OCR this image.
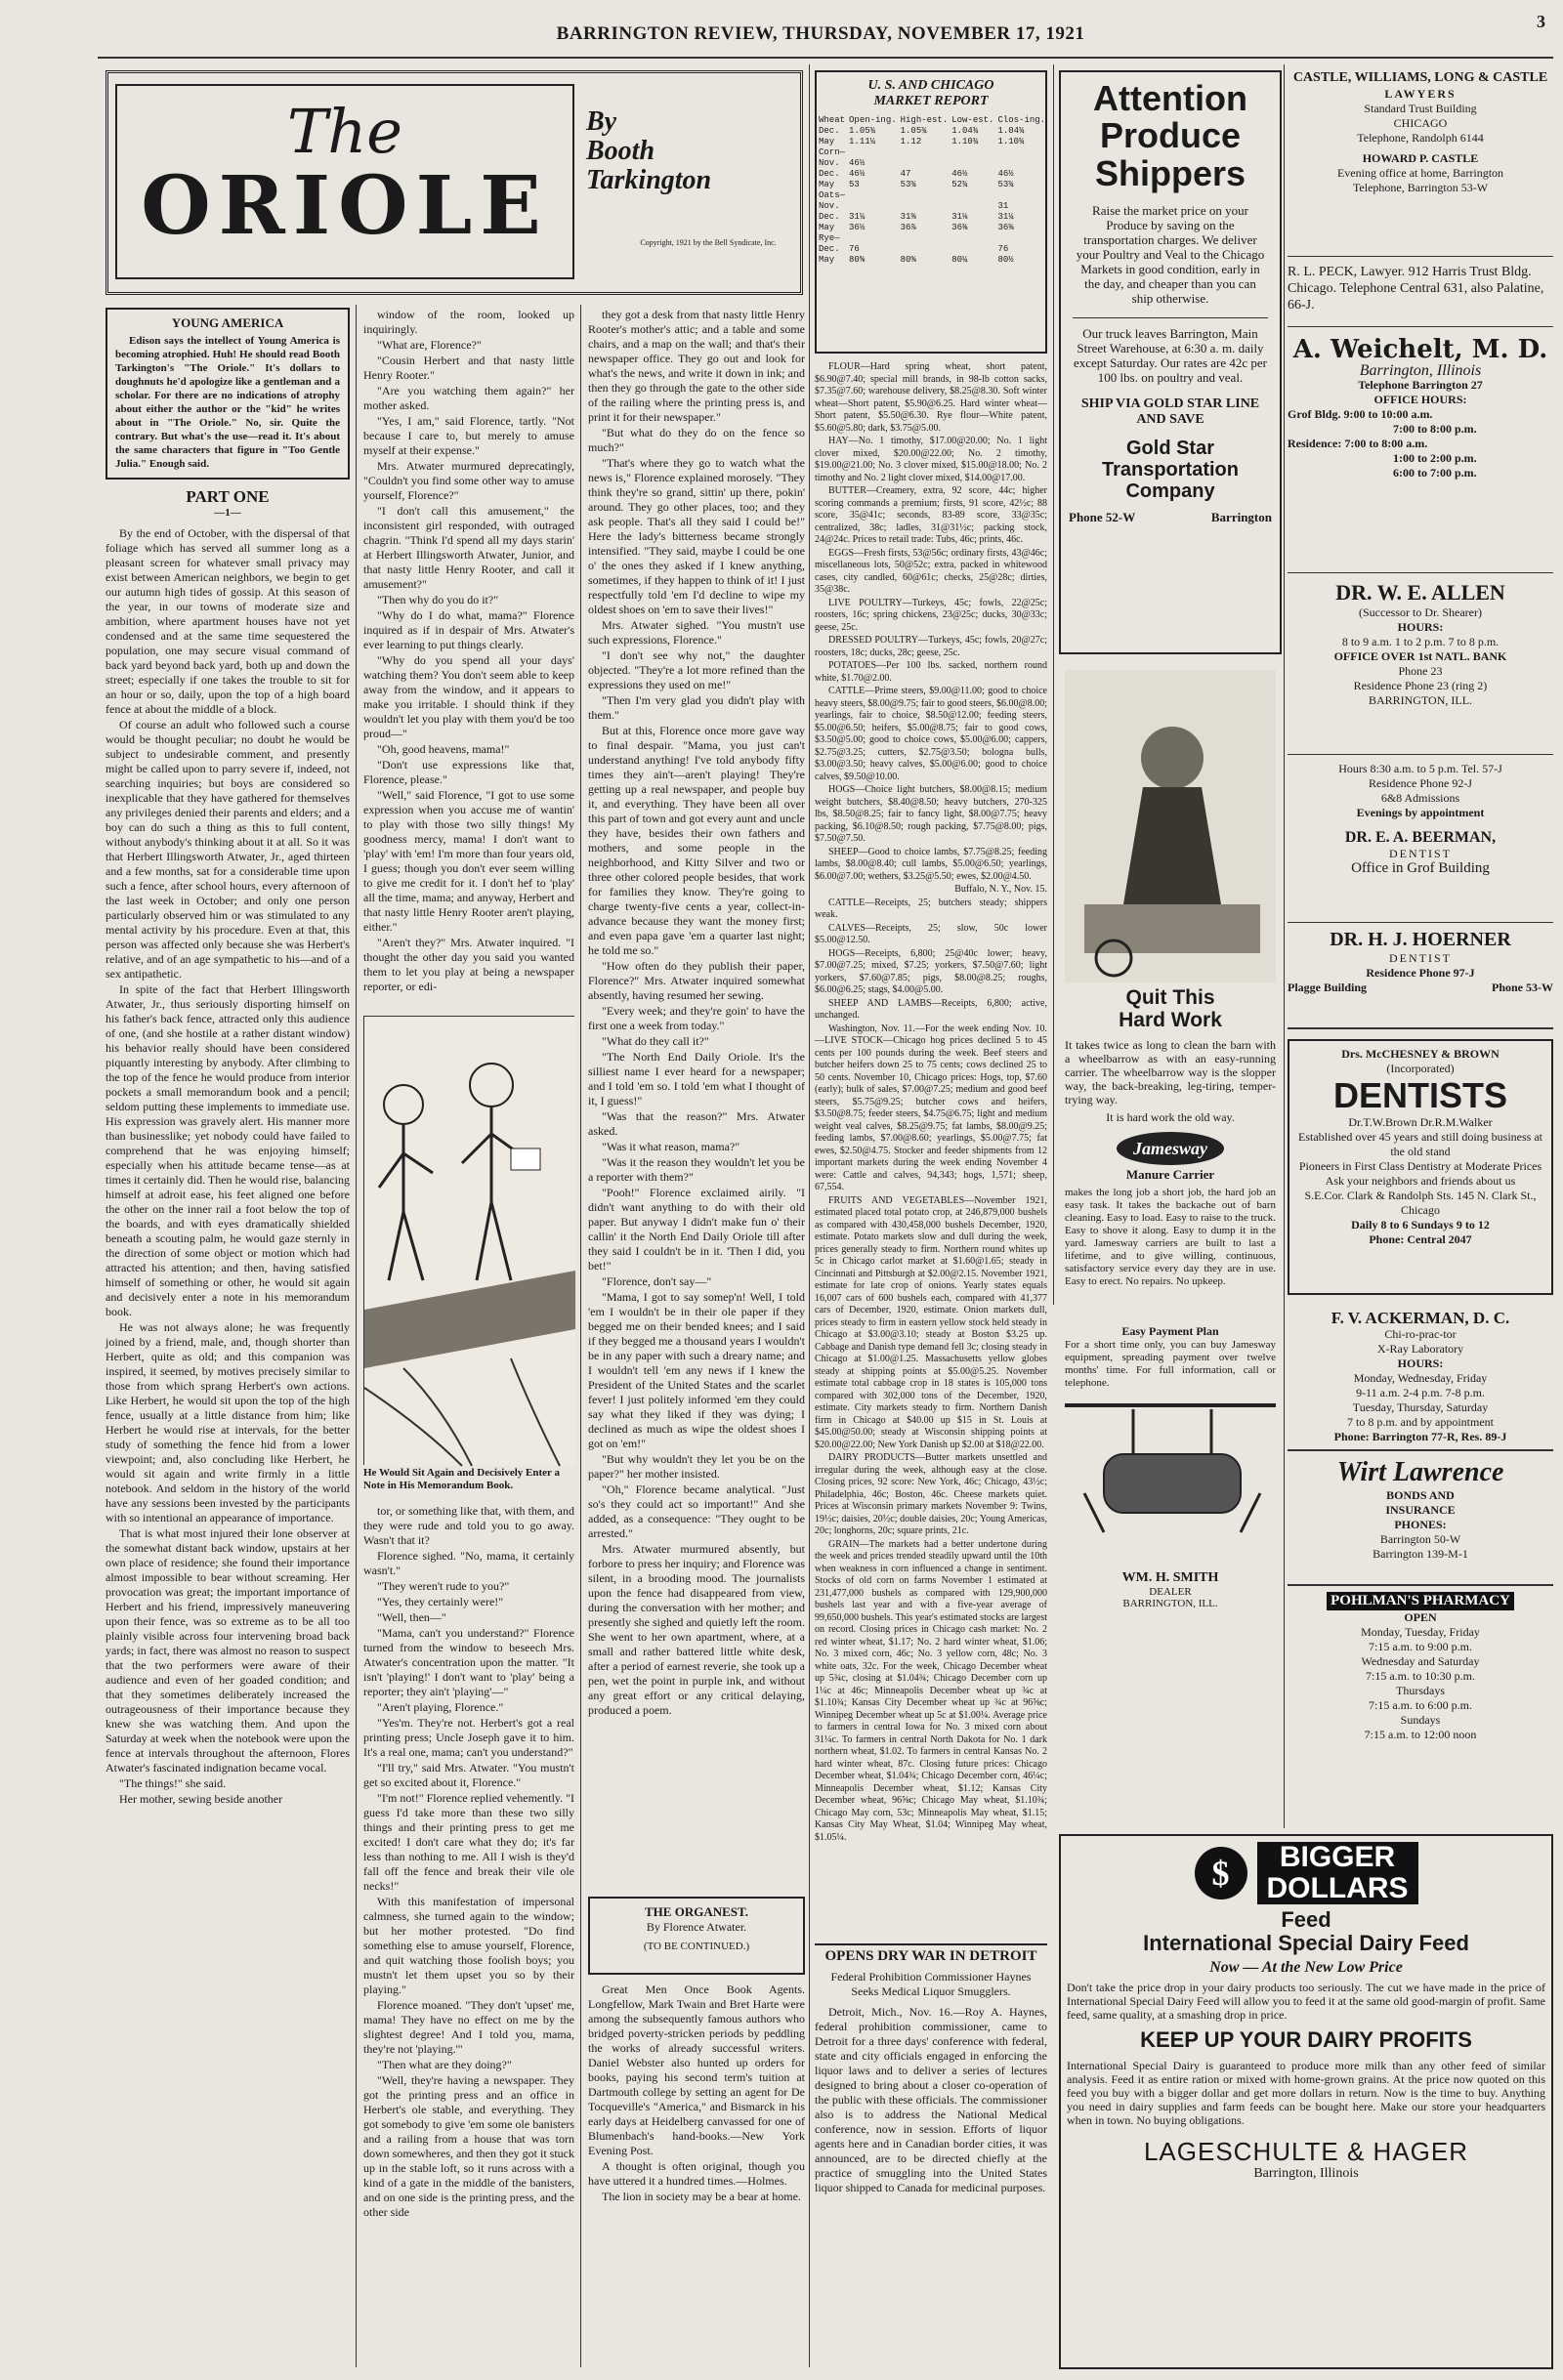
BARRINGTON REVIEW, THURSDAY, NOVEMBER 17, 1921
3
The
ORIOLE
By
Booth
Tarkington
Copyright, 1921 by the Bell Syndicate, Inc.
YOUNG AMERICA

Edison says the intellect of Young America is becoming atrophied. Huh! He should read Booth Tarkington's "The Oriole." It's dollars to doughnuts he'd apologize like a gentleman and a scholar. For there are no indications of atrophy about either the author or the "kid" he writes about in "The Oriole." No, sir. Quite the contrary. But what's the use—read it. It's about the same characters that figure in "Too Gentle Julia." Enough said.

PART ONE
—1—

By the end of October, with the dispersal of that foliage which has served all summer long as a pleasant screen for whatever small privacy may exist between American neighbors, we begin to get our autumn high tides of gossip. At this season of the year, in our towns of moderate size and ambition, where apartment houses have not yet condensed and at the same time sequestered the population, one may secure visual command of back yard beyond back yard, both up and down the street; especially if one takes the trouble to sit for an hour or so, daily, upon the top of a high board fence at about the middle of a block.

Of course an adult who followed such a course would be thought peculiar; no doubt he would be subject to undesirable comment, and presently might be called upon to parry severe if, indeed, not searching inquiries; but boys are considered so inexplicable that they have gathered for themselves any privileges denied their parents and elders; and a boy can do such a thing as this to full content, without anybody's thinking about it at all. So it was that Herbert Illingsworth Atwater, Jr., aged thirteen and a few months, sat for a considerable time upon such a fence, after school hours, every afternoon of the last week in October; and only one person particularly observed him or was stimulated to any mental activity by his procedure. Even at that, this person was affected only because she was Herbert's relative, and of an age sympathetic to his—and of a sex antipathetic.

In spite of the fact that Herbert Illingsworth Atwater, Jr., thus seriously disporting himself on his father's back fence, attracted only this audience of one, (and she hostile at a rather distant window) his behavior really should have been considered piquantly interesting by anybody. After climbing to the top of the fence he would produce from interior pockets a small memorandum book and a pencil; seldom putting these implements to immediate use. His expression was gravely alert. His manner more than businesslike; yet nobody could have failed to comprehend that he was enjoying himself; especially when his attitude became tense—as at times it certainly did. Then he would rise, balancing himself at adroit ease, his feet aligned one before the other on the inner rail a foot below the top of the boards, and with eyes dramatically shielded beneath a scouting palm, he would gaze sternly in the direction of some object or motion which had attracted his attention; and then, having satisfied himself of something or other, he would sit again and decisively enter a note in his memorandum book.

He was not always alone; he was frequently joined by a friend, male, and, though shorter than Herbert, quite as old; and this companion was inspired, it seemed, by motives precisely similar to those from which sprang Herbert's own actions. Like Herbert, he would sit upon the top of the high fence, usually at a little distance from him; like Herbert he would rise at intervals, for the better study of something the fence hid from a lower viewpoint; and, also concluding like Herbert, he would sit again and write firmly in a little notebook. And seldom in the history of the world have any sessions been invested by the participants with so intentional an appearance of importance.

That is what most injured their lone observer at the somewhat distant back window, upstairs at her own place of residence; she found their importance almost impossible to bear without screaming. Her provocation was great; the important importance of Herbert and his friend, impressively maneuvering upon their fence, was so extreme as to be all too plainly visible across four intervening broad back yards; in fact, there was almost no reason to suspect that the two performers were aware of their audience and even of her goaded condition; and that they sometimes deliberately increased the outrageousness of their importance because they knew she was watching them. And upon the Saturday at week when the notebook were upon the fence at intervals throughout the afternoon, Flores Atwater's fascinated indignation became vocal.

"The things!" she said.

Her mother, sewing beside another

window of the room, looked up inquiringly.

"What are, Florence?"

"Cousin Herbert and that nasty little Henry Rooter."

"Are you watching them again?" her mother asked.

"Yes, I am," said Florence, tartly. "Not because I care to, but merely to amuse myself at their expense."

Mrs. Atwater murmured deprecatingly, "Couldn't you find some other way to amuse yourself, Florence?"

"I don't call this amusement," the inconsistent girl responded, with outraged chagrin. "Think I'd spend all my days starin' at Herbert Illingsworth Atwater, Junior, and that nasty little Henry Rooter, and call it amusement?"

"Then why do you do it?"

"Why do I do what, mama?" Florence inquired as if in despair of Mrs. Atwater's ever learning to put things clearly.

"Why do you spend all your days' watching them? You don't seem able to keep away from the window, and it appears to make you irritable. I should think if they wouldn't let you play with them you'd be too proud—"

"Oh, good heavens, mama!"

"Don't use expressions like that, Florence, please."

"Well," said Florence, "I got to use some expression when you accuse me of wantin' to play with those two silly things! My goodness mercy, mama! I don't want to 'play' with 'em! I'm more than four years old, I guess; though you don't ever seem willing to give me credit for it. I don't hef to 'play' all the time, mama; and anyway, Herbert and that nasty little Henry Rooter aren't playing, either."

"Aren't they?" Mrs. Atwater inquired. "I thought the other day you said you wanted them to let you play at being a newspaper reporter, or edi-

He Would Sit Again and Decisively Enter a Note in His Memorandum Book.

tor, or something like that, with them, and they were rude and told you to go away. Wasn't that it?

Florence sighed. "No, mama, it certainly wasn't."

"They weren't rude to you?"

"Yes, they certainly were!"

"Well, then—"

"Mama, can't you understand?" Florence turned from the window to beseech Mrs. Atwater's concentration upon the matter. "It isn't 'playing!' I don't want to 'play' being a reporter; they ain't 'playing'—"

"Aren't playing, Florence."

"Yes'm. They're not. Herbert's got a real printing press; Uncle Joseph gave it to him. It's a real one, mama; can't you understand?"

"I'll try," said Mrs. Atwater. "You mustn't get so excited about it, Florence."

"I'm not!" Florence replied vehemently. "I guess I'd take more than these two silly things and their printing press to get me excited! I don't care what they do; it's far less than nothing to me. All I wish is they'd fall off the fence and break their vile ole necks!"

With this manifestation of impersonal calmness, she turned again to the window; but her mother protested. "Do find something else to amuse yourself, Florence, and quit watching those foolish boys; you mustn't let them upset you so by their playing."

Florence moaned. "They don't 'upset' me, mama! They have no effect on me by the slightest degree! And I told you, mama, they're not 'playing.'"

"Then what are they doing?"

"Well, they're having a newspaper. They got the printing press and an office in Herbert's ole stable, and everything. They got somebody to give 'em some ole banisters and a railing from a house that was torn down somewheres, and then they got it stuck up in the stable loft, so it runs across with a kind of a gate in the middle of the banisters, and on one side is the printing press, and the other side

they got a desk from that nasty little Henry Rooter's mother's attic; and a table and some chairs, and a map on the wall; and that's their newspaper office. They go out and look for what's the news, and write it down in ink; and then they go through the gate to the other side of the railing where the printing press is, and print it for their newspaper."

"But what do they do on the fence so much?"

"That's where they go to watch what the news is," Florence explained morosely. "They think they're so grand, sittin' up there, pokin' around. They go other places, too; and they ask people. That's all they said I could be!" Here the lady's bitterness became strongly intensified. "They said, maybe I could be one o' the ones they asked if I knew anything, sometimes, if they happen to think of it! I just respectfully told 'em I'd decline to wipe my oldest shoes on 'em to save their lives!"

Mrs. Atwater sighed. "You mustn't use such expressions, Florence."

"I don't see why not," the daughter objected. "They're a lot more refined than the expressions they used on me!"

"Then I'm very glad you didn't play with them."

But at this, Florence once more gave way to final despair. "Mama, you just can't understand anything! I've told anybody fifty times they ain't—aren't playing! They're getting up a real newspaper, and people buy it, and everything. They have been all over this part of town and got every aunt and uncle they have, besides their own fathers and mothers, and some people in the neighborhood, and Kitty Silver and two or three other colored people besides, that work for families they know. They're going to charge twenty-five cents a year, collect-in-advance because they want the money first; and even papa gave 'em a quarter last night; he told me so."

"How often do they publish their paper, Florence?" Mrs. Atwater inquired somewhat absently, having resumed her sewing.

"Every week; and they're goin' to have the first one a week from today."

"What do they call it?"

"The North End Daily Oriole. It's the silliest name I ever heard for a newspaper; and I told 'em so. I told 'em what I thought of it, I guess!"

"Was that the reason?" Mrs. Atwater asked.

"Was it what reason, mama?"

"Was it the reason they wouldn't let you be a reporter with them?"

"Pooh!" Florence exclaimed airily. "I didn't want anything to do with their old paper. But anyway I didn't make fun o' their callin' it the North End Daily Oriole till after they said I couldn't be in it. 'Then I did, you bet!"

"Florence, don't say—"

"Mama, I got to say somep'n! Well, I told 'em I wouldn't be in their ole paper if they begged me on their bended knees; and I said if they begged me a thousand years I wouldn't be in any paper with such a dreary name; and I wouldn't tell 'em any news if I knew the President of the United States and the scarlet fever! I just politely informed 'em they could say what they liked if they was dying; I declined as much as wipe the oldest shoes I got on 'em!"

"But why wouldn't they let you be on the paper?" her mother insisted.

"Oh," Florence became analytical. "Just so's they could act so important!" And she added, as a consequence: "They ought to be arrested."

Mrs. Atwater murmured absently, but forbore to press her inquiry; and Florence was silent, in a brooding mood. The journalists upon the fence had disappeared from view, during the conversation with her mother; and presently she sighed and quietly left the room. She went to her own apartment, where, at a small and rather battered little white desk, after a period of earnest reverie, she took up a pen, wet the point in purple ink, and without any great effort or any critical delaying, produced a poem.

THE ORGANEST.
By Florence Atwater.
(TO BE CONTINUED.)

Great Men Once Book Agents. Longfellow, Mark Twain and Bret Harte were among the subsequently famous authors who bridged poverty-stricken periods by peddling the works of already successful writers. Daniel Webster also hunted up orders for books, paying his second term's tuition at Dartmouth college by setting an agent for De Tocqueville's "America," and Bismarck in his early days at Heidelberg canvassed for one of Blumenbach's hand-books.—New York Evening Post.

A thought is often original, though you have uttered it a hundred times.—Holmes.

The lion in society may be a bear at home.

U. S. AND CHICAGO
MARKET REPORT
Wheat	Open-ing.	High-est.	Low-est.	Clos-ing.
Dec.	1.05¾	1.05¾	1.04¾	1.04¾
May	1.11¼	1.12	1.10¾	1.10¾
Corn—				
Nov.	46½			
Dec.	46½	47	46½	46½
May	53	53¾	52¾	53¾
Oats—				
Nov.				31
Dec.	31¼	31⅜	31⅛	31¼
May	36½	36⅞	36⅜	36⅜
Rye—				
Dec.	76			76
May	80⅝	80⅝	80¼	80½

FLOUR—Hard spring wheat, short patent, $6.90@7.40; special mill brands, in 98-lb cotton sacks, $7.35@7.60; warehouse delivery, $8.25@8.30. Soft winter wheat—Short patent, $5.90@6.25. Hard winter wheat—Short patent, $5.50@6.30. Rye flour—White patent, $5.60@5.80; dark, $3.75@5.00.

HAY—No. 1 timothy, $17.00@20.00; No. 1 light clover mixed, $20.00@22.00; No. 2 timothy, $19.00@21.00; No. 3 clover mixed, $15.00@18.00; No. 2 timothy and No. 2 light clover mixed, $14.00@17.00.

BUTTER—Creamery, extra, 92 score, 44c; higher scoring commands a premium; firsts, 91 score, 42½c; 88 score, 35@41c; seconds, 83-89 score, 33@35c; centralized, 38c; ladles, 31@31½c; packing stock, 24@24c. Prices to retail trade: Tubs, 46c; prints, 46c.

EGGS—Fresh firsts, 53@56c; ordinary firsts, 43@46c; miscellaneous lots, 50@52c; extra, packed in whitewood cases, city candled, 60@61c; checks, 25@28c; dirties, 35@38c.

LIVE POULTRY—Turkeys, 45c; fowls, 22@25c; roosters, 16c; spring chickens, 23@25c; ducks, 30@33c; geese, 25c.

DRESSED POULTRY—Turkeys, 45c; fowls, 20@27c; roosters, 18c; ducks, 28c; geese, 25c.

POTATOES—Per 100 lbs. sacked, northern round white, $1.70@2.00.

CATTLE—Prime steers, $9.00@11.00; good to choice heavy steers, $8.00@9.75; fair to good steers, $6.00@8.00; yearlings, fair to choice, $8.50@12.00; feeding steers, $5.00@6.50; heifers, $5.00@8.75; fair to good cows, $3.50@5.00; good to choice cows, $5.00@6.00; cappers, $2.75@3.25; cutters, $2.75@3.50; bologna bulls, $3.00@3.50; heavy calves, $5.00@6.00; good to choice calves, $9.50@10.00.

HOGS—Choice light butchers, $8.00@8.15; medium weight butchers, $8.40@8.50; heavy butchers, 270-325 lbs, $8.50@8.25; fair to fancy light, $8.00@7.75; heavy packing, $6.10@8.50; rough packing, $7.75@8.00; pigs, $7.50@7.50.

SHEEP—Good to choice lambs, $7.75@8.25; feeding lambs, $8.00@8.40; cull lambs, $5.00@6.50; yearlings, $6.00@7.00; wethers, $3.25@5.50; ewes, $2.00@4.50.

Buffalo, N. Y., Nov. 15.

CATTLE—Receipts, 25; butchers steady; shippers weak.

CALVES—Receipts, 25; slow, 50c lower $5.00@12.50.

HOGS—Receipts, 6,800; 25@40c lower; heavy, $7.00@7.25; mixed, $7.25; yorkers, $7.50@7.60; light yorkers, $7.60@7.85; pigs, $8.00@8.25; roughs, $6.00@6.25; stags, $4.00@5.00.

SHEEP AND LAMBS—Receipts, 6,800; active, unchanged.

Washington, Nov. 11.—For the week ending Nov. 10.—LIVE STOCK—Chicago hog prices declined 5 to 45 cents per 100 pounds during the week. Beef steers and butcher heifers down 25 to 75 cents; cows declined 25 to 50 cents. November 10, Chicago prices: Hogs, top, $7.60 (early); bulk of sales, $7.00@7.25; medium and good beef steers, $5.75@9.25; butcher cows and heifers, $3.50@8.75; feeder steers, $4.75@6.75; light and medium weight veal calves, $8.25@9.75; fat lambs, $8.00@9.25; feeding lambs, $7.00@8.60; yearlings, $5.00@7.75; fat ewes, $2.50@4.75. Stocker and feeder shipments from 12 important markets during the week ending November 4 were: Cattle and calves, 94,343; hogs, 1,571; sheep, 67,554.

FRUITS AND VEGETABLES—November 1921, estimated placed total potato crop, at 246,879,000 bushels as compared with 430,458,000 bushels December, 1920, estimate. Potato markets slow and dull during the week, prices generally steady to firm. Northern round whites up 5c in Chicago carlot market at $1.60@1.65; steady in Cincinnati and Pittsburgh at $2.00@2.15. November 1921, estimate for late crop of onions. Yearly states equals 16,007 cars of 600 bushels each, compared with 41,377 cars of December, 1920, estimate. Onion markets dull, prices steady to firm in eastern yellow stock held steady in Chicago at $3.00@3.10; steady at Boston $3.25 up. Cabbage and Danish type demand fell 3c; closing steady in Chicago at $1.00@1.25. Massachusetts yellow globes steady at shipping points at $5.00@5.25. November estimate total cabbage crop in 18 states is 105,000 tons compared with 302,000 tons of the December, 1920, estimate. City markets steady to firm. Northern Danish firm in Chicago at $40.00 up $15 in St. Louis at $45.00@50.00; steady at Wisconsin shipping points at $20.00@22.00; New York Danish up $2.00 at $18@22.00.

DAIRY PRODUCTS—Butter markets unsettled and irregular during the week, although easy at the close. Closing prices, 92 score: New York, 46c; Chicago, 43½c; Philadelphia, 46c; Boston, 46c. Cheese markets quiet. Prices at Wisconsin primary markets November 9: Twins, 19½c; daisies, 20½c; double daisies, 20c; Young Americas, 20c; longhorns, 20c; square prints, 21c.

GRAIN—The markets had a better undertone during the week and prices trended steadily upward until the 10th when weakness in corn influenced a change in sentiment. Stocks of old corn on farms November 1 estimated at 231,477,000 bushels as compared with 129,900,000 bushels last year and with a five-year average of 99,650,000 bushels. This year's estimated stocks are largest on record. Closing prices in Chicago cash market: No. 2 red winter wheat, $1.17; No. 2 hard winter wheat, $1.06; No. 3 mixed corn, 46c; No. 3 yellow corn, 48c; No. 3 white oats, 32c. For the week, Chicago December wheat up 5¾c, closing at $1.04¾; Chicago December corn up 1¼c at 46c; Minneapolis December wheat up ¾c at $1.10¾; Kansas City December wheat up ¾c at 96⅝c; Winnipeg December wheat up 5c at $1.00¼. Average price to farmers in central Iowa for No. 3 mixed corn about 31¼c. To farmers in central North Dakota for No. 1 dark northern wheat, $1.02. To farmers in central Kansas No. 2 hard winter wheat, 87c. Closing future prices: Chicago December wheat, $1.04¾; Chicago December corn, 46¼c; Minneapolis December wheat, $1.12; Kansas City December wheat, 96⅝c; Chicago May wheat, $1.10¾; Chicago May corn, 53c; Minneapolis May wheat, $1.15; Kansas City May Wheat, $1.04; Winnipeg May wheat, $1.05¼.

OPENS DRY WAR IN DETROIT
Federal Prohibition Commissioner Haynes Seeks Medical Liquor Smugglers.

Detroit, Mich., Nov. 16.—Roy A. Haynes, federal prohibition commissioner, came to Detroit for a three days' conference with federal, state and city officials engaged in enforcing the liquor laws and to deliver a series of lectures designed to bring about a closer co-operation of the public with these officials. The commissioner also is to address the National Medical conference, now in session. Efforts of liquor agents here and in Canadian border cities, it was announced, are to be directed chiefly at the practice of smuggling into the United States liquor shipped to Canada for medicinal purposes.

Attention
Produce
Shippers
Raise the market price on your Produce by saving on the transportation charges. We deliver your Poultry and Veal to the Chicago Markets in good condition, early in the day, and cheaper than you can ship otherwise.
Our truck leaves Barrington, Main Street Warehouse, at 6:30 a. m. daily except Saturday. Our rates are 42c per 100 lbs. on poultry and veal.
SHIP VIA GOLD STAR LINE AND SAVE
Gold Star Transportation Company
Phone 52-W	Barrington
Quit This
Hard Work
It takes twice as long to clean the barn with a wheelbarrow as with an easy-running carrier. The wheelbarrow way is the slopper way, the back-breaking, leg-tiring, temper-trying way.
It is hard work the old way.
Jamesway
Manure Carrier
makes the long job a short job, the hard job an easy task. It takes the backache out of barn cleaning. Easy to load. Easy to raise to the truck. Easy to shove it along. Easy to dump it in the yard. Jamesway carriers are built to last a lifetime, and to give willing, continuous, satisfactory service every day they are in use. Easy to erect. No repairs. No upkeep.
Easy Payment Plan
For a short time only, you can buy Jamesway equipment, spreading payment over twelve months' time. For full information, call or telephone.
WM. H. SMITH
DEALER
BARRINGTON, ILL.
$	BIGGER
DOLLARS
Feed
International Special Dairy Feed
Now — At the New Low Price
Don't take the price drop in your dairy products too seriously. The cut we have made in the price of International Special Dairy Feed will allow you to feed it at the same old good-margin of profit. Same feed, same quality, at a smashing drop in price.
KEEP UP YOUR DAIRY PROFITS
International Special Dairy is guaranteed to produce more milk than any other feed of similar analysis. Feed it as entire ration or mixed with home-grown grains. At the price now quoted on this feed you buy with a bigger dollar and get more dollars in return. Now is the time to buy. Anything you need in dairy supplies and farm feeds can be bought here. Make our store your headquarters when in town. No buying obligations.
LAGESCHULTE & HAGER
Barrington, Illinois
CASTLE, WILLIAMS, LONG & CASTLE
LAWYERS
Standard Trust Building
CHICAGO
Telephone, Randolph 6144
HOWARD P. CASTLE
Evening office at home, Barrington
Telephone, Barrington 53-W
R. L. PECK, Lawyer. 912 Harris Trust Bldg. Chicago. Telephone Central 631, also Palatine, 66-J.
A. Weichelt, M. D.
Barrington, Illinois
Telephone Barrington 27
OFFICE HOURS:
Grof Bldg. 9:00 to 10:00 a.m.
7:00 to 8:00 p.m.
Residence: 7:00 to 8:00 a.m.
1:00 to 2:00 p.m.
6:00 to 7:00 p.m.
DR. W. E. ALLEN
(Successor to Dr. Shearer)
HOURS:
8 to 9 a.m. 1 to 2 p.m. 7 to 8 p.m.
OFFICE OVER 1st NATL. BANK
Phone 23
Residence Phone 23 (ring 2)
BARRINGTON, ILL.
Hours 8:30 a.m. to 5 p.m. Tel. 57-J
Residence Phone 92-J
6&8 Admissions
Evenings by appointment
DR. E. A. BEERMAN,
DENTIST
Office in Grof Building
DR. H. J. HOERNER
DENTIST
Residence Phone 97-J
Plagge Building	Phone 53-W
Drs. McCHESNEY & BROWN
(Incorporated)
DENTISTS
Dr.T.W.Brown Dr.R.M.Walker
Established over 45 years and still doing business at the old stand
Pioneers in First Class Dentistry at Moderate Prices
Ask your neighbors and friends about us
S.E.Cor. Clark & Randolph Sts. 145 N. Clark St., Chicago
Daily 8 to 6 Sundays 9 to 12
Phone: Central 2047
F. V. ACKERMAN, D. C.
Chi-ro-prac-tor
X-Ray Laboratory
HOURS:
Monday, Wednesday, Friday
9-11 a.m. 2-4 p.m. 7-8 p.m.
Tuesday, Thursday, Saturday
7 to 8 p.m. and by appointment
Phone: Barrington 77-R, Res. 89-J
Wirt Lawrence
BONDS AND
INSURANCE
PHONES:
Barrington 50-W
Barrington 139-M-1
POHLMAN'S PHARMACY
OPEN
Monday, Tuesday, Friday
7:15 a.m. to 9:00 p.m.
Wednesday and Saturday
7:15 a.m. to 10:30 p.m.
Thursdays
7:15 a.m. to 6:00 p.m.
Sundays
7:15 a.m. to 12:00 noon
